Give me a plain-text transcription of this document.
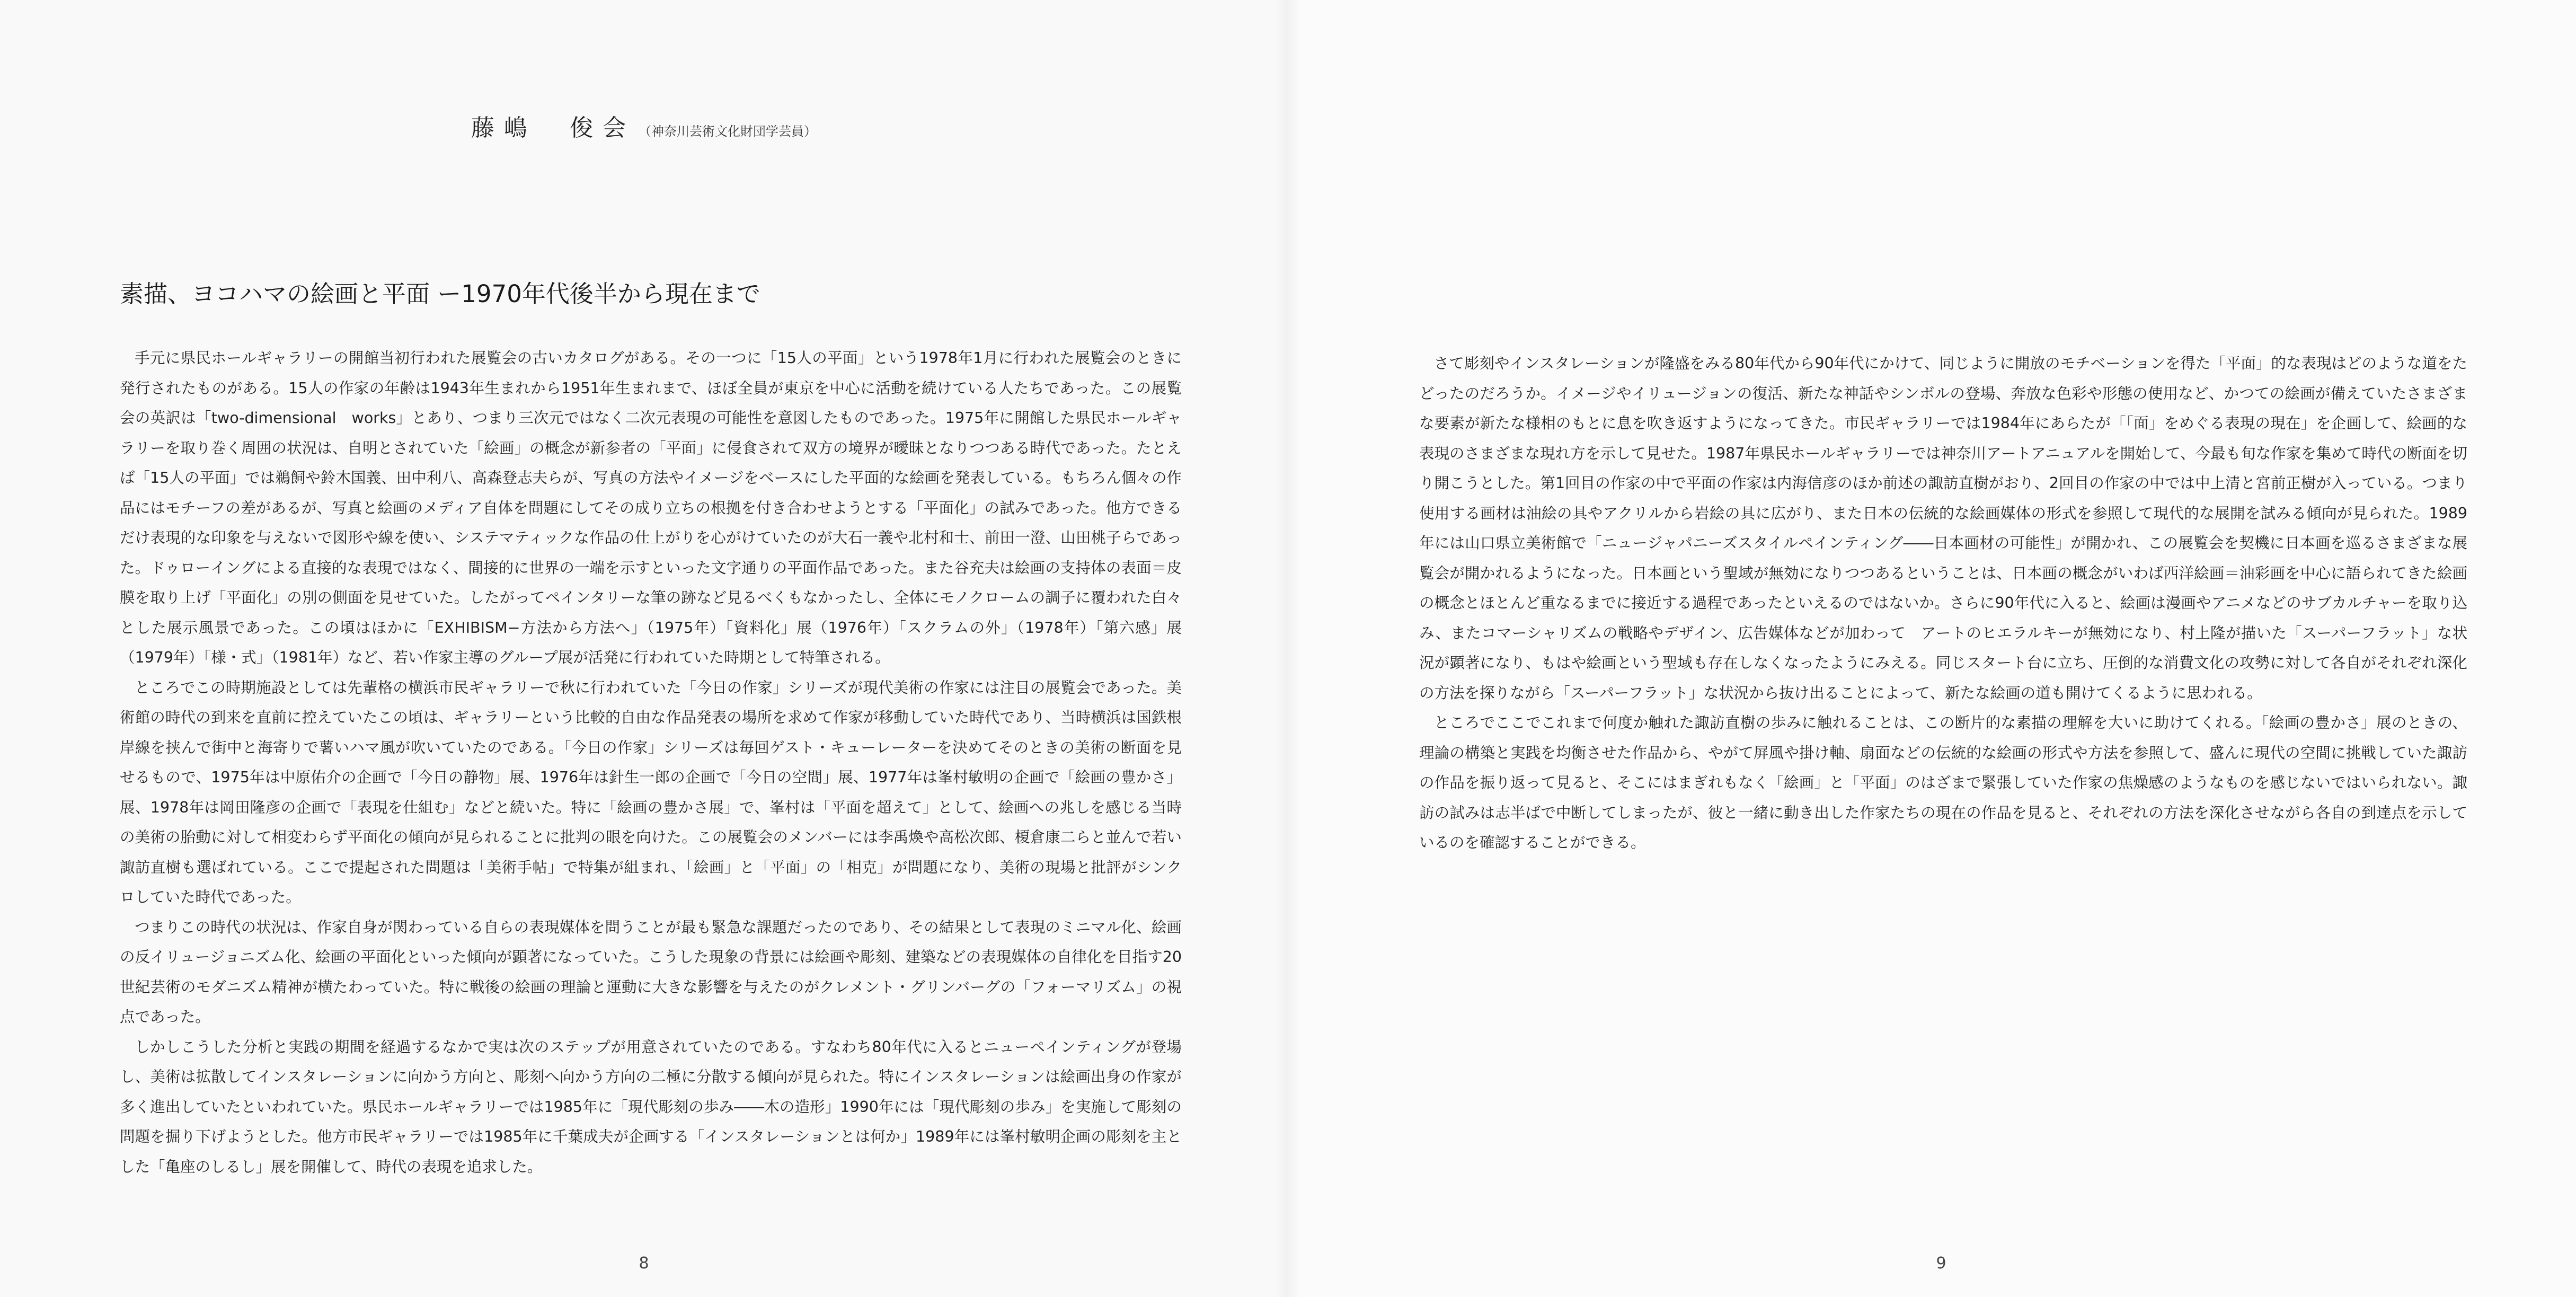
藤嶋　俊会 （神奈川芸術文化財団学芸員）
素描、ヨコハマの絵画と平面 ー1970年代後半から現在まで

手元に県民ホールギャラリーの開館当初行われた展覧会の古いカタログがある。その一つに「15人の平面」という1978年1月に行われた展覧会のときに発行されたものがある。15人の作家の年齢は1943年生まれから1951年生まれまで、ほぼ全員が東京を中心に活動を続けている人たちであった。この展覧会の英訳は「two-dimensional　works」とあり、つまり三次元ではなく二次元表現の可能性を意図したものであった。1975年に開館した県民ホールギャラリーを取り巻く周囲の状況は、自明とされていた「絵画」の概念が新参者の「平面」に侵食されて双方の境界が曖昧となりつつある時代であった。たとえば「15人の平面」では鵜飼や鈴木国義、田中利八、高森登志夫らが、写真の方法やイメージをベースにした平面的な絵画を発表している。もちろん個々の作品にはモチーフの差があるが、写真と絵画のメディア自体を問題にしてその成り立ちの根拠を付き合わせようとする「平面化」の試みであった。他方できるだけ表現的な印象を与えないで図形や線を使い、システマティックな作品の仕上がりを心がけていたのが大石一義や北村和士、前田一澄、山田桃子らであった。ドゥローイングによる直接的な表現ではなく、間接的に世界の一端を示すといった文字通りの平面作品であった。また谷充夫は絵画の支持体の表面＝皮膜を取り上げ「平面化」の別の側面を見せていた。したがってペインタリーな筆の跡など見るべくもなかったし、全体にモノクロームの調子に覆われた白々とした展示風景であった。この頃はほかに「EXHIBISM−方法から方法へ」（1975年）「資料化」展（1976年）「スクラムの外」（1978年）「第六感」展（1979年）「様・式」（1981年）など、若い作家主導のグループ展が活発に行われていた時期として特筆される。

ところでこの時期施設としては先輩格の横浜市民ギャラリーで秋に行われていた「今日の作家」シリーズが現代美術の作家には注目の展覧会であった。美術館の時代の到来を直前に控えていたこの頃は、ギャラリーという比較的自由な作品発表の場所を求めて作家が移動していた時代であり、当時横浜は国鉄根岸線を挟んで街中と海寄りで薯いハマ風が吹いていたのである。「今日の作家」シリーズは毎回ゲスト・キューレーターを決めてそのときの美術の断面を見せるもので、1975年は中原佑介の企画で「今日の静物」展、1976年は針生一郎の企画で「今日の空間」展、1977年は峯村敏明の企画で「絵画の豊かさ」展、1978年は岡田隆彦の企画で「表現を仕組む」などと続いた。特に「絵画の豊かさ展」で、峯村は「平面を超えて」として、絵画への兆しを感じる当時の美術の胎動に対して相変わらず平面化の傾向が見られることに批判の眼を向けた。この展覧会のメンバーには李禹煥や高松次郎、榎倉康二らと並んで若い諏訪直樹も選ばれている。ここで提起された問題は「美術手帖」で特集が組まれ、「絵画」と「平面」の「相克」が問題になり、美術の現場と批評がシンクロしていた時代であった。

つまりこの時代の状況は、作家自身が関わっている自らの表現媒体を問うことが最も緊急な課題だったのであり、その結果として表現のミニマル化、絵画の反イリュージョニズム化、絵画の平面化といった傾向が顕著になっていた。こうした現象の背景には絵画や彫刻、建築などの表現媒体の自律化を目指す20世紀芸術のモダニズム精神が横たわっていた。特に戦後の絵画の理論と運動に大きな影響を与えたのがクレメント・グリンバーグの「フォーマリズム」の視点であった。

しかしこうした分析と実践の期間を経過するなかで実は次のステップが用意されていたのである。すなわち80年代に入るとニューペインティングが登場し、美術は拡散してインスタレーションに向かう方向と、彫刻へ向かう方向の二極に分散する傾向が見られた。特にインスタレーションは絵画出身の作家が多く進出していたといわれていた。県民ホールギャラリーでは1985年に「現代彫刻の歩み――木の造形」1990年には「現代彫刻の歩み」を実施して彫刻の問題を掘り下げようとした。他方市民ギャラリーでは1985年に千葉成夫が企画する「インスタレーションとは何か」1989年には峯村敏明企画の彫刻を主とした「亀座のしるし」展を開催して、時代の表現を追求した。

8

さて彫刻やインスタレーションが隆盛をみる80年代から90年代にかけて、同じように開放のモチベーションを得た「平面」的な表現はどのような道をたどったのだろうか。イメージやイリュージョンの復活、新たな神話やシンボルの登場、奔放な色彩や形態の使用など、かつての絵画が備えていたさまざまな要素が新たな様相のもとに息を吹き返すようになってきた。市民ギャラリーでは1984年にあらたが「「面」をめぐる表現の現在」を企画して、絵画的な表現のさまざまな現れ方を示して見せた。1987年県民ホールギャラリーでは神奈川アートアニュアルを開始して、今最も旬な作家を集めて時代の断面を切り開こうとした。第1回目の作家の中で平面の作家は内海信彦のほか前述の諏訪直樹がおり、2回目の作家の中では中上清と宮前正樹が入っている。つまり使用する画材は油絵の具やアクリルから岩絵の具に広がり、また日本の伝統的な絵画媒体の形式を参照して現代的な展開を試みる傾向が見られた。1989年には山口県立美術館で「ニュージャパニーズスタイルペインティング――日本画材の可能性」が開かれ、この展覧会を契機に日本画を巡るさまざまな展覧会が開かれるようになった。日本画という聖域が無効になりつつあるということは、日本画の概念がいわば西洋絵画＝油彩画を中心に語られてきた絵画の概念とほとんど重なるまでに接近する過程であったといえるのではないか。さらに90年代に入ると、絵画は漫画やアニメなどのサブカルチャーを取り込み、またコマーシャリズムの戦略やデザイン、広告媒体などが加わって　アートのヒエラルキーが無効になり、村上隆が描いた「スーパーフラット」な状況が顕著になり、もはや絵画という聖域も存在しなくなったようにみえる。同じスタート台に立ち、圧倒的な消費文化の攻勢に対して各自がそれぞれ深化の方法を探りながら「スーパーフラット」な状況から抜け出ることによって、新たな絵画の道も開けてくるように思われる。

ところでここでこれまで何度か触れた諏訪直樹の歩みに触れることは、この断片的な素描の理解を大いに助けてくれる。「絵画の豊かさ」展のときの、理論の構築と実践を均衡させた作品から、やがて屏風や掛け軸、扇面などの伝統的な絵画の形式や方法を参照して、盛んに現代の空間に挑戦していた諏訪の作品を振り返って見ると、そこにはまぎれもなく「絵画」と「平面」のはざまで緊張していた作家の焦燥感のようなものを感じないではいられない。諏訪の試みは志半ばで中断してしまったが、彼と一緒に動き出した作家たちの現在の作品を見ると、それぞれの方法を深化させながら各自の到達点を示しているのを確認することができる。

9
